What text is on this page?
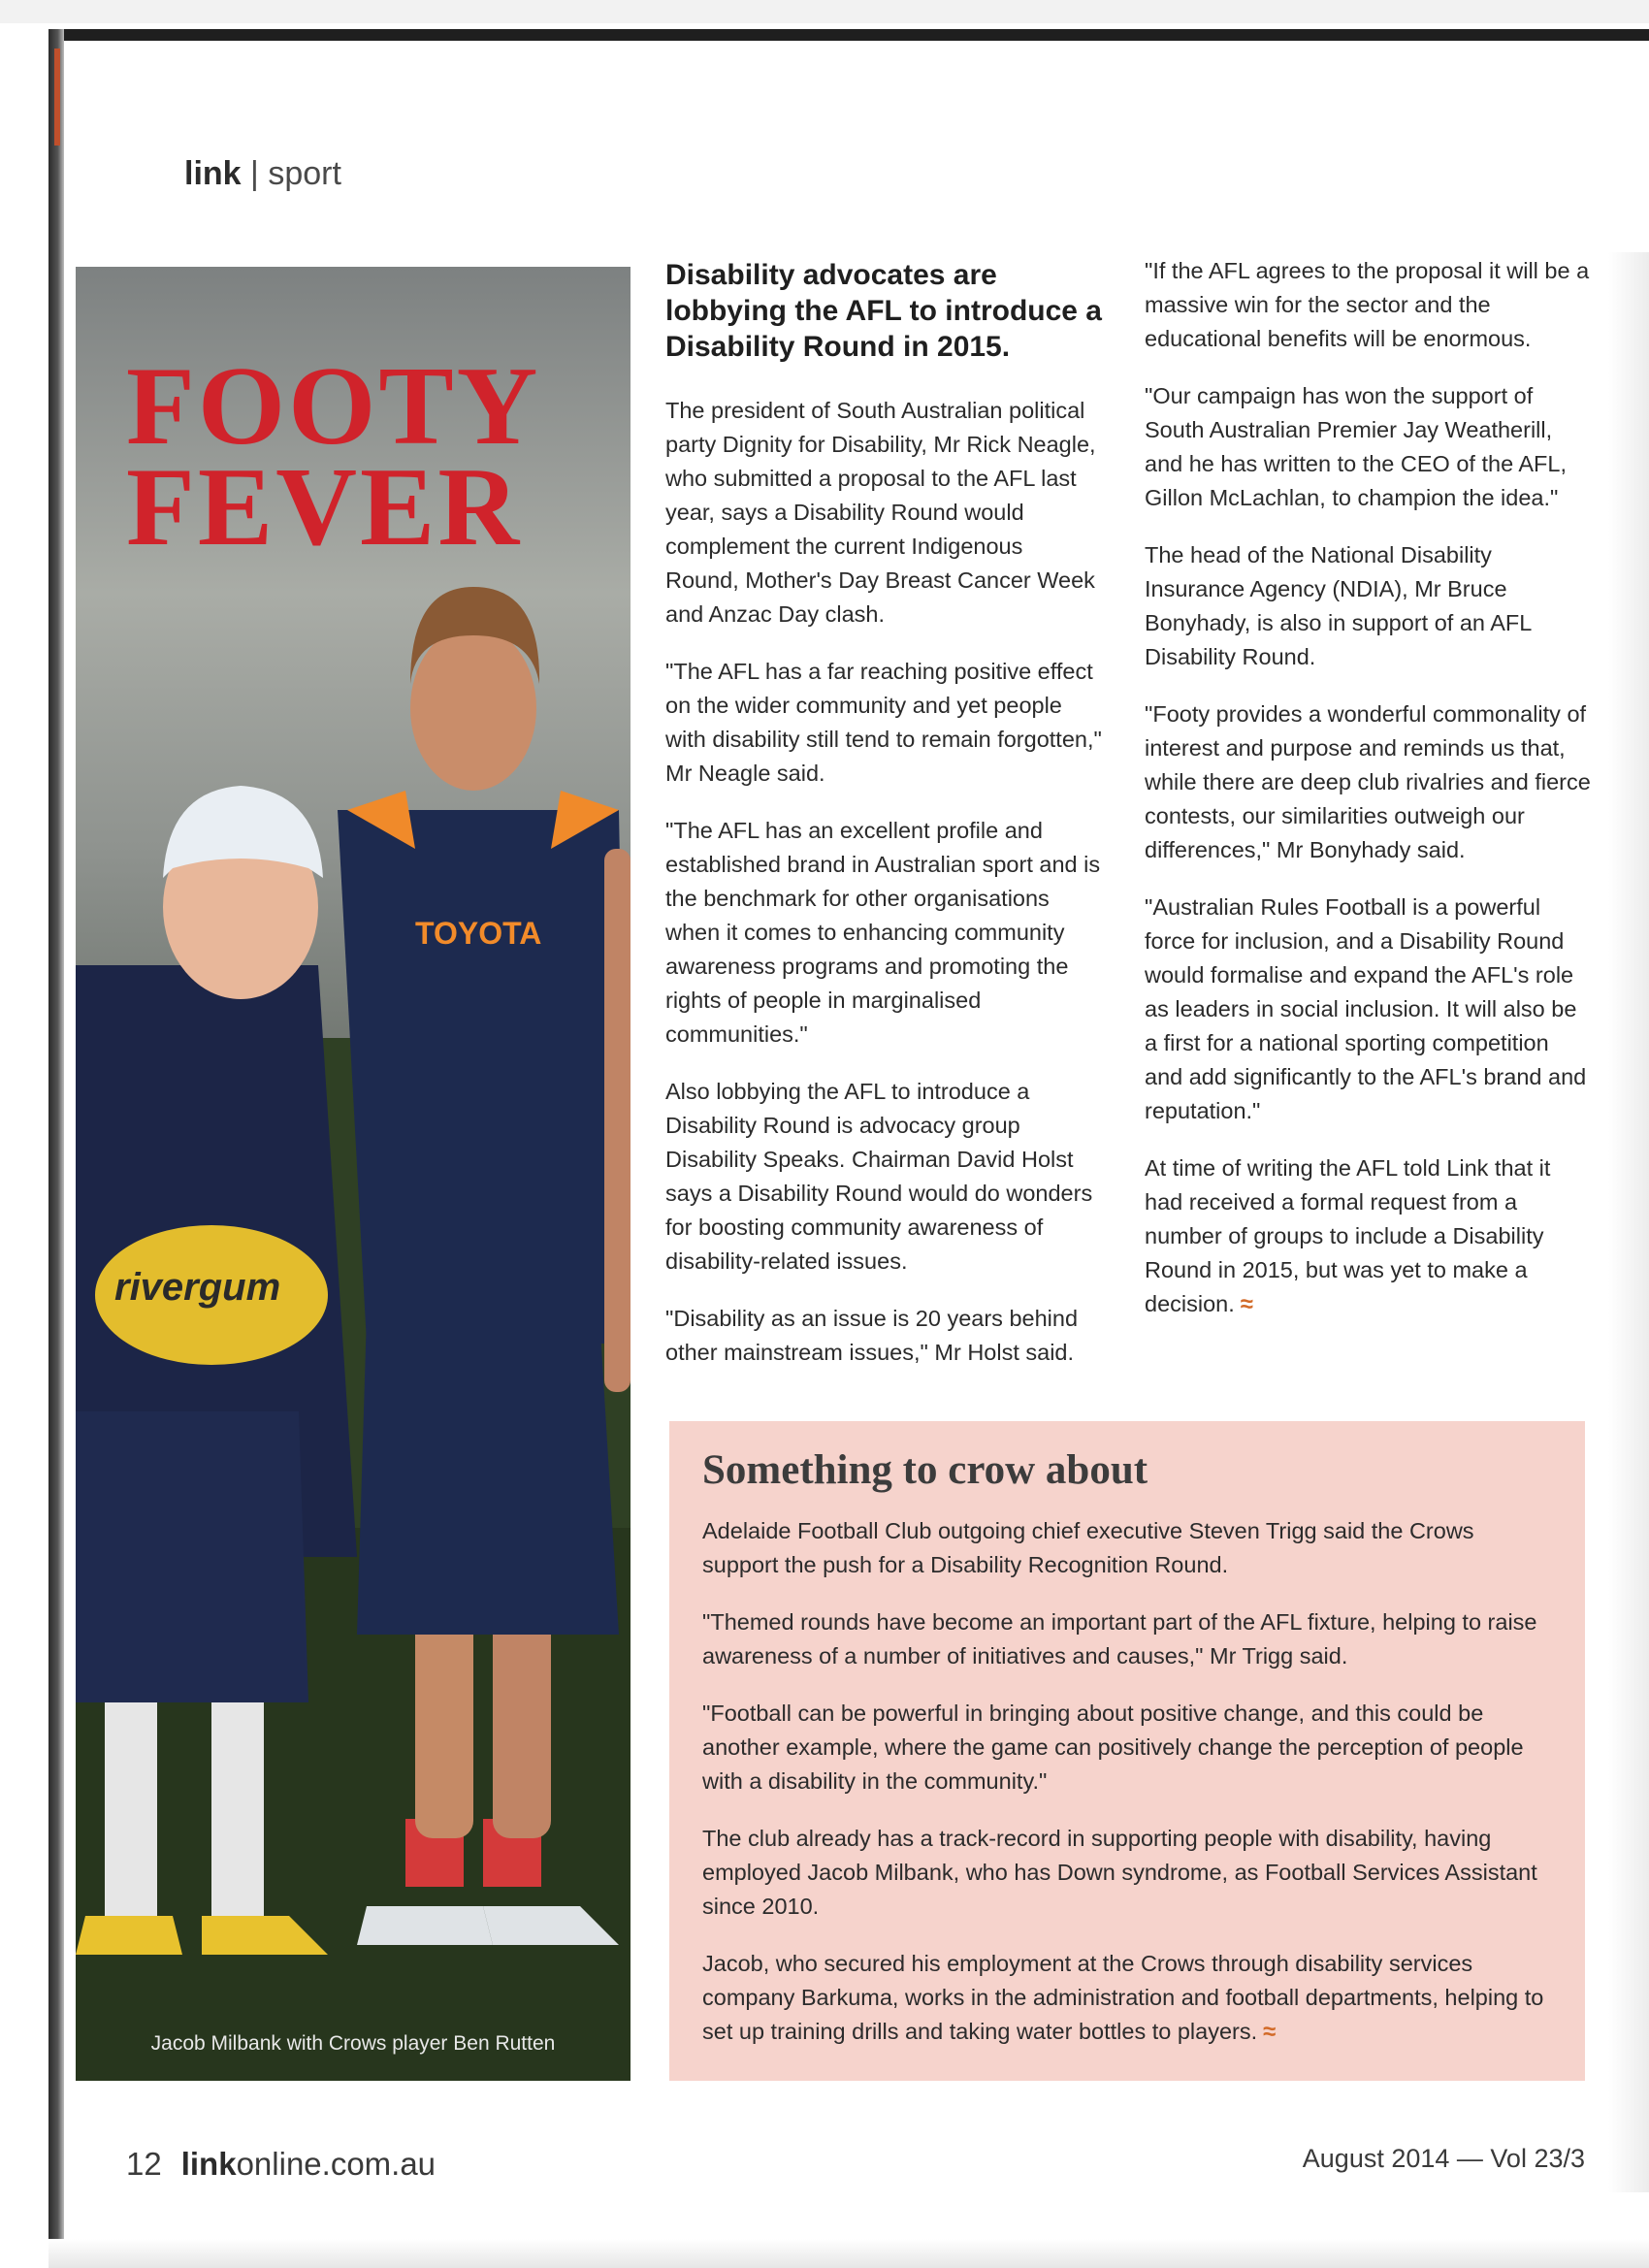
link | sport
TOYOTA
rivergum
FOOTY
FEVER
Jacob Milbank with Crows player Ben Rutten

Disability advocates are lobbying the AFL to introduce a Disability Round in 2015.

The president of South Australian political party Dignity for Disability, Mr Rick Neagle, who submitted a proposal to the AFL last year, says a Disability Round would complement the current Indigenous Round, Mother's Day Breast Cancer Week and Anzac Day clash.

"The AFL has a far reaching positive effect on the wider community and yet people with disability still tend to remain forgotten," Mr Neagle said.

"The AFL has an excellent profile and established brand in Australian sport and is the benchmark for other organisations when it comes to enhancing community awareness programs and promoting the rights of people in marginalised communities."

Also lobbying the AFL to introduce a Disability Round is advocacy group Disability Speaks. Chairman David Holst says a Disability Round would do wonders for boosting community awareness of disability-related issues.

"Disability as an issue is 20 years behind other mainstream issues," Mr Holst said.

"If the AFL agrees to the proposal it will be a massive win for the sector and the educational benefits will be enormous.

"Our campaign has won the support of South Australian Premier Jay Weatherill, and he has written to the CEO of the AFL, Gillon McLachlan, to champion the idea."

The head of the National Disability Insurance Agency (NDIA), Mr Bruce Bonyhady, is also in support of an AFL Disability Round.

"Footy provides a wonderful commonality of interest and purpose and reminds us that, while there are deep club rivalries and fierce contests, our similarities outweigh our differences," Mr Bonyhady said.

"Australian Rules Football is a powerful force for inclusion, and a Disability Round would formalise and expand the AFL's role as leaders in social inclusion. It will also be a first for a national sporting competition and add significantly to the AFL's brand and reputation."

At time of writing the AFL told Link that it had received a formal request from a number of groups to include a Disability Round in 2015, but was yet to make a decision. ≈

Something to crow about

Adelaide Football Club outgoing chief executive Steven Trigg said the Crows support the push for a Disability Recognition Round.

"Themed rounds have become an important part of the AFL fixture, helping to raise awareness of a number of initiatives and causes," Mr Trigg said.

"Football can be powerful in bringing about positive change, and this could be another example, where the game can positively change the perception of people with a disability in the community."

The club already has a track-record in supporting people with disability, having employed Jacob Milbank, who has Down syndrome, as Football Services Assistant since 2010.

Jacob, who secured his employment at the Crows through disability services company Barkuma, works in the administration and football departments, helping to set up training drills and taking water bottles to players. ≈

12 linkonline.com.au	August 2014 — Vol 23/3
